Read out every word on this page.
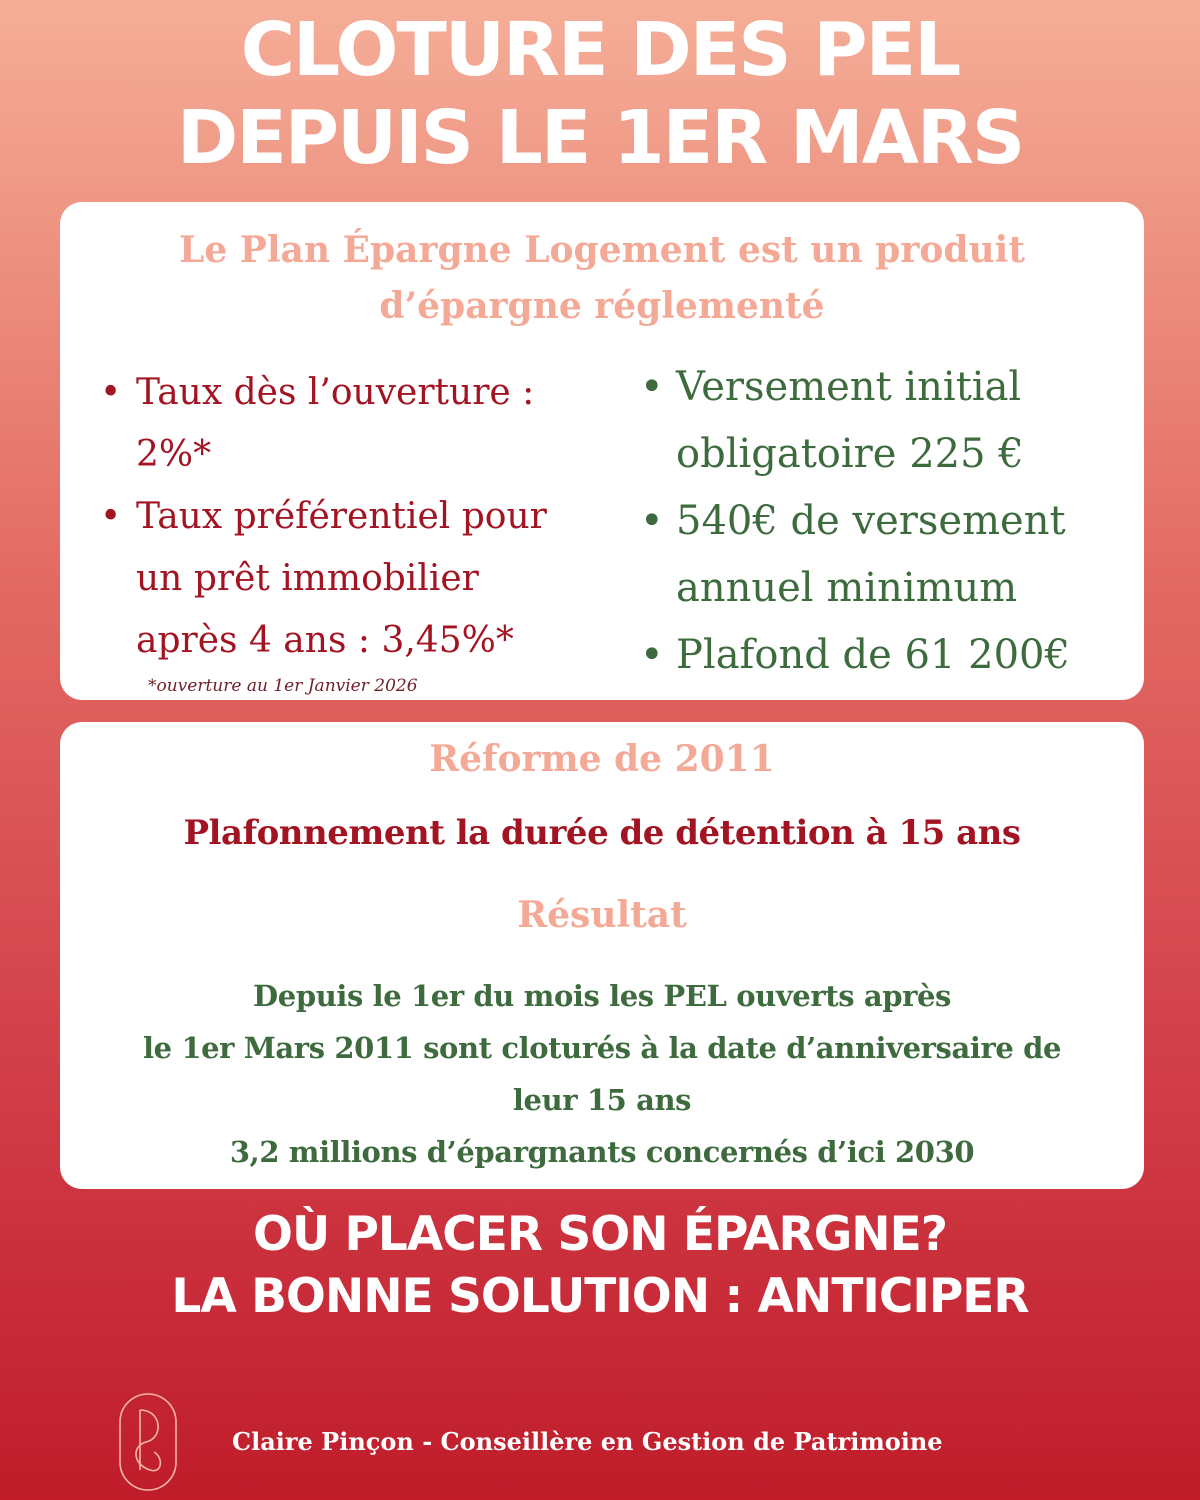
CLOTURE DES PEL
DEPUIS LE 1ER MARS
Le Plan Épargne Logement est un produit
d’épargne réglementé
• Taux dès l’ouverture :
2%*
• Taux préférentiel pour
un prêt immobilier
après 4 ans : 3,45%*
*ouverture au 1er Janvier 2026
• Versement initial
obligatoire 225 €
• 540€ de versement
annuel minimum
• Plafond de 61 200€
Réforme de 2011
Plafonnement la durée de détention à 15 ans
Résultat
Depuis le 1er du mois les PEL ouverts après
le 1er Mars 2011 sont cloturés à la date d’anniversaire de
leur 15 ans
3,2 millions d’épargnants concernés d’ici 2030
OÙ PLACER SON ÉPARGNE?
LA BONNE SOLUTION : ANTICIPER
Claire Pinçon - Conseillère en Gestion de Patrimoine
